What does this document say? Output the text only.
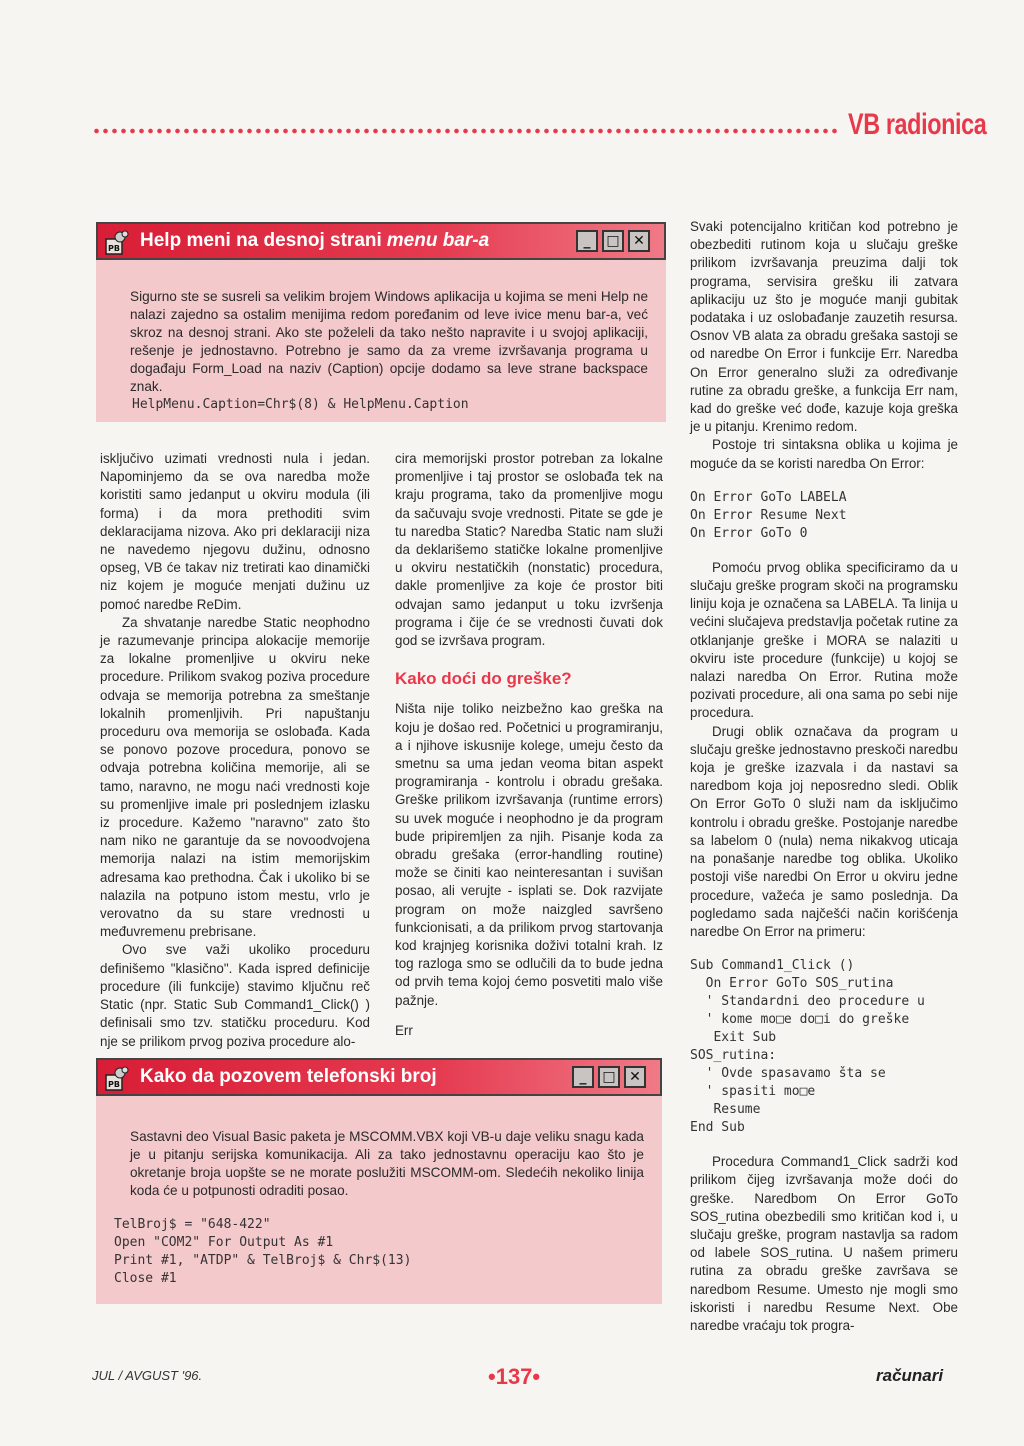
VB radionica
PB Help meni na desnoj strani menu bar-a	_	□ ✕
Sigurno ste se susreli sa velikim brojem Windows aplikacija u kojima se meni Help ne nalazi zajedno sa ostalim menijima redom poređanim od leve ivice menu bar-a, već skroz na desnoj strani. Ako ste poželeli da tako nešto napravite i u svojoj aplikaciji, rešenje je jednostavno. Potrebno je samo da za vreme izvršavanja programa u događaju Form_Load na naziv (Caption) opcije dodamo sa leve strane backspace znak.
HelpMenu.Caption=Chr$(8) & HelpMenu.Caption

isključivo uzimati vrednosti nula i jedan. Napominjemo da se ova naredba može koristiti samo jedanput u okviru modula (ili forma) i da mora prethoditi svim deklaracijama nizova. Ako pri deklaraciji niza ne navedemo njegovu dužinu, odnosno opseg, VB će takav niz tretirati kao dinamički niz kojem je moguće menjati dužinu uz pomoć naredbe ReDim.

Za shvatanje naredbe Static neophodno je razumevanje principa alokacije memorije za lokalne promenljive u okviru neke procedure. Prilikom svakog poziva procedure odvaja se memorija potrebna za smeštanje lokalnih promenljivih. Pri napuštanju proceduru ova memorija se oslobađa. Kada se ponovo pozove procedura, ponovo se odvaja potrebna količina memorije, ali se tamo, naravno, ne mogu naći vrednosti koje su promenljive imale pri poslednjem izlasku iz procedure. Kažemo "naravno" zato što nam niko ne garantuje da se novoodvojena memorija nalazi na istim memorijskim adresama kao prethodna. Čak i ukoliko bi se nalazila na potpuno istom mestu, vrlo je verovatno da su stare vrednosti u međuvremenu prebrisane.

Ovo sve važi ukoliko proceduru definišemo "klasično". Kada ispred definicije procedure (ili funkcije) stavimo ključnu reč Static (npr. Static Sub Command1_Click() ) definisali smo tzv. statičku proceduru. Kod nje se prilikom prvog poziva procedure alo-

cira memorijski prostor potreban za lokalne promenljive i taj prostor se oslobađa tek na kraju programa, tako da promenljive mogu da sačuvaju svoje vrednosti. Pitate se gde je tu naredba Static? Naredba Static nam služi da deklarišemo statičke lokalne promenljive u okviru nestatičkih (nonstatic) procedura, dakle promenljive za koje će prostor biti odvajan samo jedanput u toku izvršenja programa i čije će se vrednosti čuvati dok god se izvršava program.

Kako doći do greške?

Ništa nije toliko neizbežno kao greška na koju je došao red. Početnici u programiranju, a i njihove iskusnije kolege, umeju često da smetnu sa uma jedan veoma bitan aspekt programiranja - kontrolu i obradu grešaka. Greške prilikom izvršavanja (runtime errors) su uvek moguće i neophodno je da program bude pripiremljen za njih. Pisanje koda za obradu grešaka (error-handling routine) može se činiti kao neinteresantan i suvišan posao, ali verujte - isplati se. Dok razvijate program on može naizgled savršeno funkcionisati, a da prilikom prvog startovanja kod krajnjeg korisnika doživi totalni krah. Iz tog razloga smo se odlučili da to bude jedna od prvih tema kojoj ćemo posvetiti malo više pažnje.

Err

PB Kako da pozovem telefonski broj	_	□ ✕
Sastavni deo Visual Basic paketa je MSCOMM.VBX koji VB-u daje veliku snagu kada je u pitanju serijska komunikacija. Ali za tako jednostavnu operaciju kao što je okretanje broja uopšte se ne morate poslužiti MSCOMM-om. Sledećih nekoliko linija koda će u potpunosti odraditi posao.
TelBroj$ = "648-422"
Open "COM2" For Output As #1
Print #1, "ATDP" & TelBroj$ & Chr$(13)
Close #1

Svaki potencijalno kritičan kod potrebno je obezbediti rutinom koja u slučaju greške prilikom izvršavanja preuzima dalji tok programa, servisira grešku ili zatvara aplikaciju uz što je moguće manji gubitak podataka i uz oslobađanje zauzetih resursa. Osnov VB alata za obradu grešaka sastoji se od naredbe On Error i funkcije Err. Naredba On Error generalno služi za određivanje rutine za obradu greške, a funkcija Err nam, kad do greške već dođe, kazuje koja greška je u pitanju. Krenimo redom.

Postoje tri sintaksna oblika u kojima je moguće da se koristi naredba On Error:

On Error GoTo LABELA
On Error Resume Next
On Error GoTo 0

Pomoću prvog oblika specificiramo da u slučaju greške program skoči na programsku liniju koja je označena sa LABELA. Ta linija u većini slučajeva predstavlja početak rutine za otklanjanje greške i MORA se nalaziti u okviru iste procedure (funkcije) u kojoj se nalazi naredba On Error. Rutina može pozivati procedure, ali ona sama po sebi nije procedura.

Drugi oblik označava da program u slučaju greške jednostavno preskoči naredbu koja je greške izazvala i da nastavi sa naredbom koja joj neposredno sledi. Oblik On Error GoTo 0 služi nam da isključimo kontrolu i obradu greške. Postojanje naredbe sa labelom 0 (nula) nema nikakvog uticaja na ponašanje naredbe tog oblika. Ukoliko postoji više naredbi On Error u okviru jedne procedure, važeća je samo poslednja. Da pogledamo sada najčešći način korišćenja naredbe On Error na primeru:

Sub Command1_Click ()
On Error GoTo SOS_rutina
' Standardni deo procedure u
' kome mo□e do□i do greške
Exit Sub
SOS_rutina:
' Ovde spasavamo šta se
' spasiti mo□e
Resume
End Sub

Procedura Command1_Click sadrži kod prilikom čijeg izvršavanja može doći do greške. Naredbom On Error GoTo SOS_rutina obezbedili smo kritičan kod i, u slučaju greške, program nastavlja sa radom od labele SOS_rutina. U našem primeru rutina za obradu greške završava se naredbom Resume. Umesto nje mogli smo iskoristi i naredbu Resume Next. Obe naredbe vraćaju tok progra-

JUL / AVGUST '96.	•137•	računari
